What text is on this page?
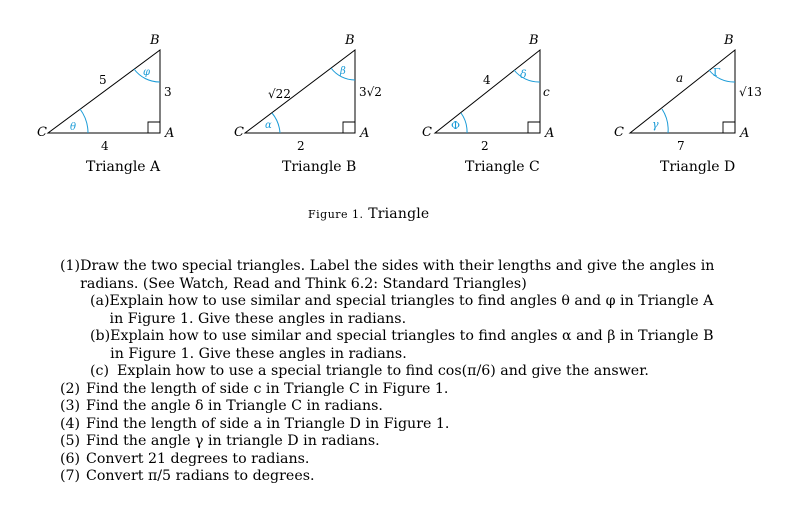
C
B
A
5
3
4
θ
φ
C
B
A
√22	3√2
2
α
β
C
B
A
4
c
2
Φ
δ
C
B
A
a
√13
7
γ
Γ
Triangle A	Triangle B	Triangle C	Triangle D
Figure 1. Triangle
(1) Draw the two special triangles. Label the sides with their lengths and give the angles in radians. (See Watch, Read and Think 6.2: Standard Triangles)
(a) Explain how to use similar and special triangles to find angles θ and φ in Triangle A in Figure 1. Give these angles in radians.
(b) Explain how to use similar and special triangles to find angles α and β in Triangle B in Figure 1. Give these angles in radians.
(c) Explain how to use a special triangle to find cos(π/6) and give the answer.
(2) Find the length of side c in Triangle C in Figure 1.
(3) Find the angle δ in Triangle C in radians.
(4) Find the length of side a in Triangle D in Figure 1.
(5) Find the angle γ in triangle D in radians.
(6) Convert 21 degrees to radians.
(7) Convert π/5 radians to degrees.
